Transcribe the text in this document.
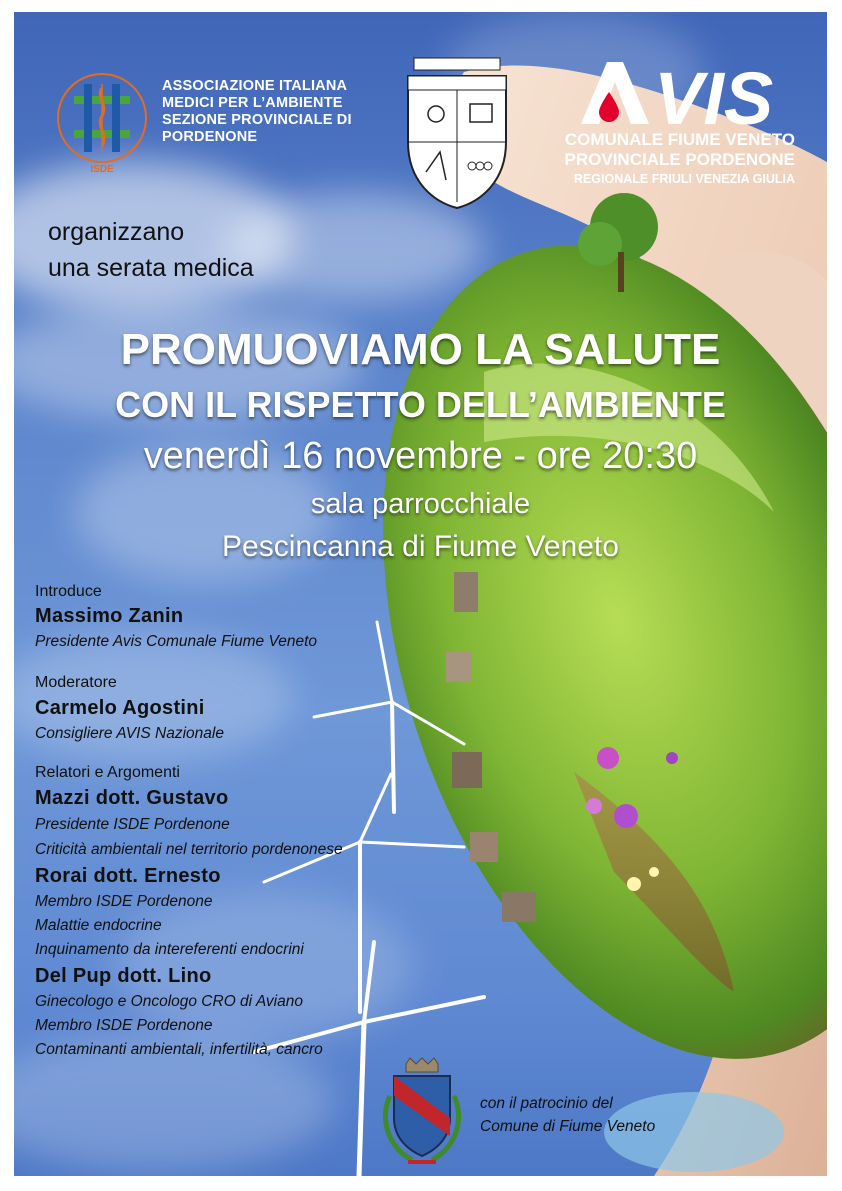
ISDE
ASSOCIAZIONE ITALIANA
MEDICI PER L’AMBIENTE
SEZIONE PROVINCIALE DI
PORDENONE	VIS
COMUNALE FIUME VENETO
PROVINCIALE PORDENONE
REGIONALE FRIULI VENEZIA GIULIA
organizzano
una serata medica
PROMUOVIAMO LA SALUTE
CON IL RISPETTO DELL’AMBIENTE
venerdì 16 novembre - ore 20:30
sala parrocchiale
Pescincanna di Fiume Veneto
Introduce
Massimo Zanin
Presidente Avis Comunale Fiume Veneto
Moderatore
Carmelo Agostini
Consigliere AVIS Nazionale
Relatori e Argomenti
Mazzi dott. Gustavo
Presidente ISDE Pordenone
Criticità ambientali nel territorio pordenonese
Rorai dott. Ernesto
Membro ISDE Pordenone
Malattie endocrine
Inquinamento da intereferenti endocrini
Del Pup dott. Lino
Ginecologo e Oncologo CRO di Aviano
Membro ISDE Pordenone
Contaminanti ambientali, infertilità, cancro
con il patrocinio del
Comune di Fiume Veneto
